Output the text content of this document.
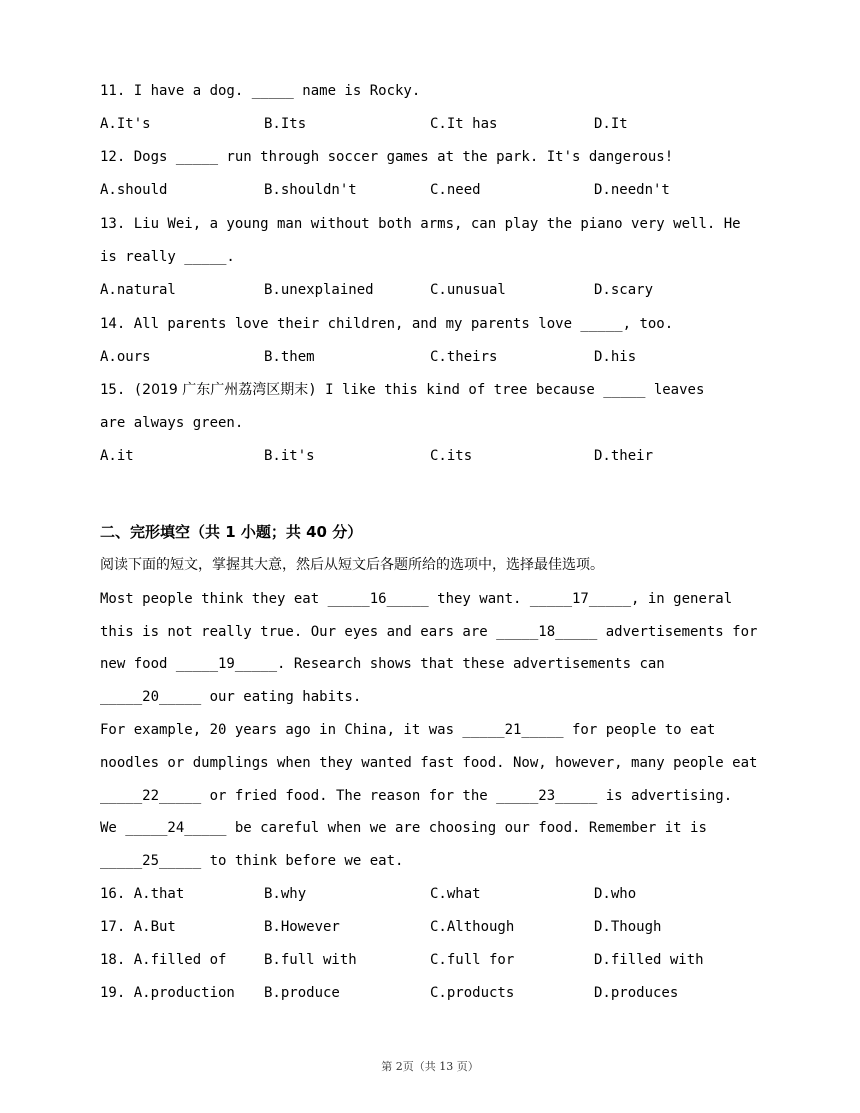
11. I have a dog. _____ name is Rocky.

A.It's

	B.Its

	C.It has

	D.It

12. Dogs _____ run through soccer games at the park. It's dangerous!

A.should

	B.shouldn't

	C.need

	D.needn't

13. Liu Wei, a young man without both arms, can play the piano very well. He
is really _____.

A.natural

	B.unexplained

	C.unusual

	D.scary

14. All parents love their children, and my parents love _____, too.

A.ours

	B.them

	C.theirs

	D.his

15. (2019 广东广州荔湾区期末) I like this kind of tree because _____ leaves
are always green.

A.it

	B.it's

	C.its

	D.their

二、完形填空（共 1 小题；共 40 分）
阅读下面的短文，掌握其大意，然后从短文后各题所给的选项中，选择最佳选项。
Most people think they eat _____16_____ they want. _____17_____, in general
this is not really true. Our eyes and ears are _____18_____ advertisements for
new food _____19_____. Research shows that these advertisements can
_____20_____ our eating habits.
For example, 20 years ago in China, it was _____21_____ for people to eat
noodles or dumplings when they wanted fast food. Now, however, many people eat
_____22_____ or fried food. The reason for the _____23_____ is advertising.
We _____24_____ be careful when we are choosing our food. Remember it is
_____25_____ to think before we eat.

16. A.that

	B.why

	C.what

	D.who

17. A.But

	B.However

	C.Although

	D.Though

18. A.filled of

	B.full with

	C.full for

	D.filled with

19. A.production

B.produce

	C.products

	D.produces

第 2页（共 13 页）
